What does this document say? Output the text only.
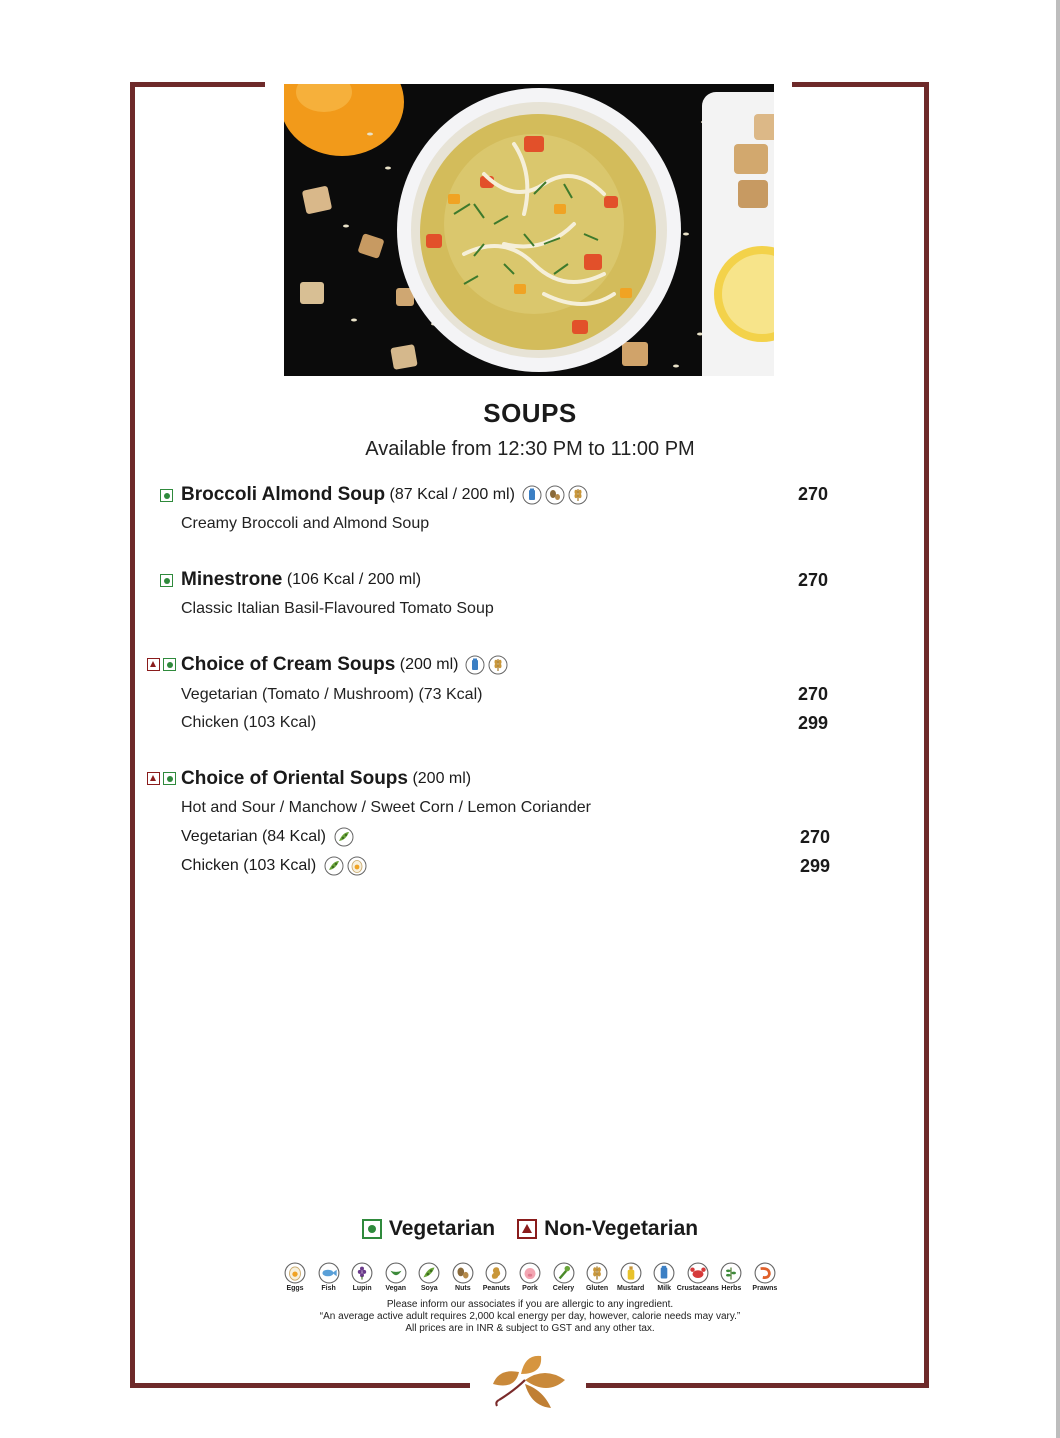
SOUPS
Available from 12:30 PM to 11:00 PM
Broccoli Almond Soup
(87 Kcal / 200 ml)
Creamy Broccoli and Almond Soup
270
Minestrone
(106 Kcal / 200 ml)
Classic Italian Basil-Flavoured Tomato Soup
270
Choice of Cream Soups
(200 ml)
Vegetarian (Tomato / Mushroom) (73 Kcal)	270
Chicken (103 Kcal)	299
Choice of Oriental Soups
(200 ml)
Hot and Sour / Manchow / Sweet Corn / Lemon Coriander
Vegetarian (84 Kcal)	270
Chicken (103 Kcal)	299
Vegetarian Non-Vegetarian
Eggs	Fish Lupin Vegan Soya Nuts Peanuts Pork Celery Gluten Mustard Milk Crustaceans Herbs Prawns
Please inform our associates if you are allergic to any ingredient.
“An average active adult requires 2,000 kcal energy per day, however, calorie needs may vary.”
All prices are in INR & subject to GST and any other tax.
